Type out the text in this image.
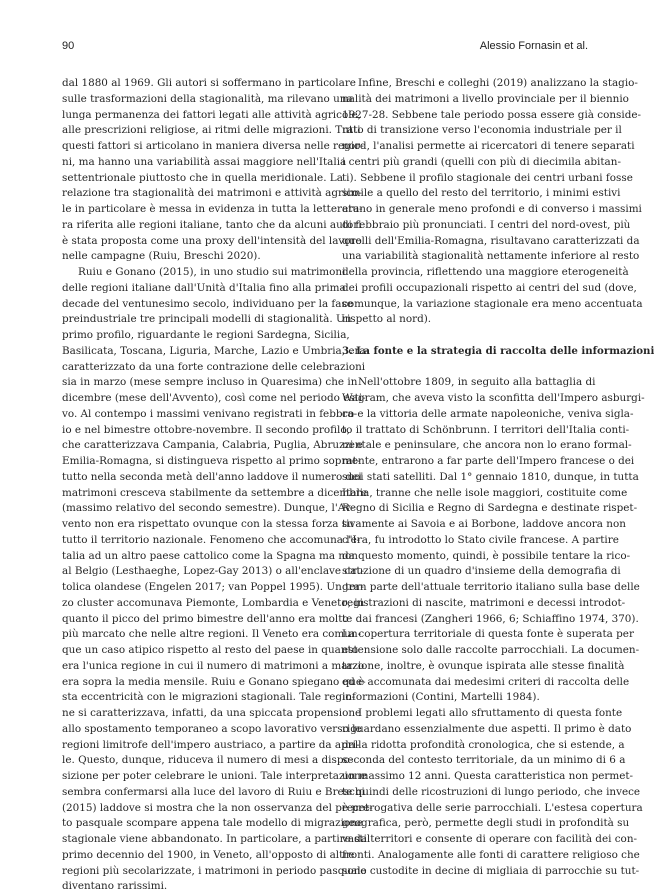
90	Alessio Fornasin et al.
dal 1880 al 1969. Gli autori si soffermano in particolare
sulle trasformazioni della stagionalità, ma rilevano una
lunga permanenza dei fattori legati alle attività agricole,
alle prescrizioni religiose, ai ritmi delle migrazioni. Tutti
questi fattori si articolano in maniera diversa nelle regio-
ni, ma hanno una variabilità assai maggiore nell'Italia
settentrionale piuttosto che in quella meridionale. La
relazione tra stagionalità dei matrimoni e attività agrico-
le in particolare è messa in evidenza in tutta la letteratu-
ra riferita alle regioni italiane, tanto che da alcuni autori
è stata proposta come una proxy dell'intensità del lavoro
nelle campagne (Ruiu, Breschi 2020).
Ruiu e Gonano (2015), in uno studio sui matrimoni
delle regioni italiane dall'Unità d'Italia fino alla prima
decade del ventunesimo secolo, individuano per la fase
preindustriale tre principali modelli di stagionalità. Un
primo profilo, riguardante le regioni Sardegna, Sicilia,
Basilicata, Toscana, Liguria, Marche, Lazio e Umbria, era-
caratterizzato da una forte contrazione delle celebrazioni
sia in marzo (mese sempre incluso in Quaresima) che in
dicembre (mese dell'Avvento), così come nel periodo esti-
vo. Al contempo i massimi venivano registrati in febbra-
io e nel bimestre ottobre-novembre. Il secondo profilo,
che caratterizzava Campania, Calabria, Puglia, Abruzzi e
Emilia-Romagna, si distingueva rispetto al primo soprat-
tutto nella seconda metà dell'anno laddove il numero dei
matrimoni cresceva stabilmente da settembre a dicembre
(massimo relativo del secondo semestre). Dunque, l'Av-
vento non era rispettato ovunque con la stessa forza su
tutto il territorio nazionale. Fenomeno che accomuna l'I-
talia ad un altro paese cattolico come la Spagna ma non
al Belgio (Lesthaeghe, Lopez-Gay 2013) o all'enclave cat-
tolica olandese (Engelen 2017; van Poppel 1995). Un ter-
zo cluster accomunava Piemonte, Lombardia e Veneto, in
quanto il picco del primo bimestre dell'anno era molto
più marcato che nelle altre regioni. Il Veneto era comun-
que un caso atipico rispetto al resto del paese in quanto
era l'unica regione in cui il numero di matrimoni a marzo
era sopra la media mensile. Ruiu e Gonano spiegano que-
sta eccentricità con le migrazioni stagionali. Tale regio-
ne si caratterizzava, infatti, da una spiccata propensione
allo spostamento temporaneo a scopo lavorativo verso le
regioni limitrofe dell'impero austriaco, a partire da apri-
le. Questo, dunque, riduceva il numero di mesi a dispo-
sizione per poter celebrare le unioni. Tale interpretazione
sembra confermarsi alla luce del lavoro di Ruiu e Breschi
(2015) laddove si mostra che la non osservanza del precet-
to pasquale scompare appena tale modello di migrazione
stagionale viene abbandonato. In particolare, a partire dal
primo decennio del 1900, in Veneto, all'opposto di altre
regioni più secolarizzate, i matrimoni in periodo pasquale
diventano rarissimi.
Infine, Breschi e colleghi (2019) analizzano la stagio-
nalità dei matrimoni a livello provinciale per il biennio
1927-28. Sebbene tale periodo possa essere già conside-
rato di transizione verso l'economia industriale per il
nord, l'analisi permette ai ricercatori di tenere separati
i centri più grandi (quelli con più di diecimila abitan-
ti). Sebbene il profilo stagionale dei centri urbani fosse
simile a quello del resto del territorio, i minimi estivi
erano in generale meno profondi e di converso i massimi
di febbraio più pronunciati. I centri del nord-ovest, più
quelli dell'Emilia-Romagna, risultavano caratterizzati da
una variabilità stagionalità nettamente inferiore al resto
della provincia, riflettendo una maggiore eterogeneità
dei profili occupazionali rispetto ai centri del sud (dove,
comunque, la variazione stagionale era meno accentuata
rispetto al nord).
3. La fonte e la strategia di raccolta delle informazioni
Nell'ottobre 1809, in seguito alla battaglia di
Wagram, che aveva visto la sconfitta dell'Impero asburgi-
co e la vittoria delle armate napoleoniche, veniva sigla-
to il trattato di Schönbrunn. I territori dell'Italia conti-
nentale e peninsulare, che ancora non lo erano formal-
mente, entrarono a far parte dell'Impero francese o dei
suoi stati satelliti. Dal 1° gennaio 1810, dunque, in tutta
Italia, tranne che nelle isole maggiori, costituite come
Regno di Sicilia e Regno di Sardegna e destinate rispet-
tivamente ai Savoia e ai Borbone, laddove ancora non
c'era, fu introdotto lo Stato civile francese. A partire
da questo momento, quindi, è possibile tentare la rico-
struzione di un quadro d'insieme della demografia di
gran parte dell'attuale territorio italiano sulla base delle
registrazioni di nascite, matrimoni e decessi introdot-
te dai francesi (Zangheri 1966, 6; Schiaffino 1974, 370).
La copertura territoriale di questa fonte è superata per
estensione solo dalle raccolte parrocchiali. La documen-
tazione, inoltre, è ovunque ispirata alle stesse finalità
ed è accomunata dai medesimi criteri di raccolta delle
informazioni (Contini, Martelli 1984).
I problemi legati allo sfruttamento di questa fonte
riguardano essenzialmente due aspetti. Il primo è dato
dalla ridotta profondità cronologica, che si estende, a
seconda del contesto territoriale, da un minimo di 6 a
un massimo 12 anni. Questa caratteristica non permet-
te quindi delle ricostruzioni di lungo periodo, che invece
è prerogativa delle serie parrocchiali. L'estesa copertura
geografica, però, permette degli studi in profondità su
vasti territori e consente di operare con facilità dei con-
fronti. Analogamente alle fonti di carattere religioso che
sono custodite in decine di migliaia di parrocchie su tut-
